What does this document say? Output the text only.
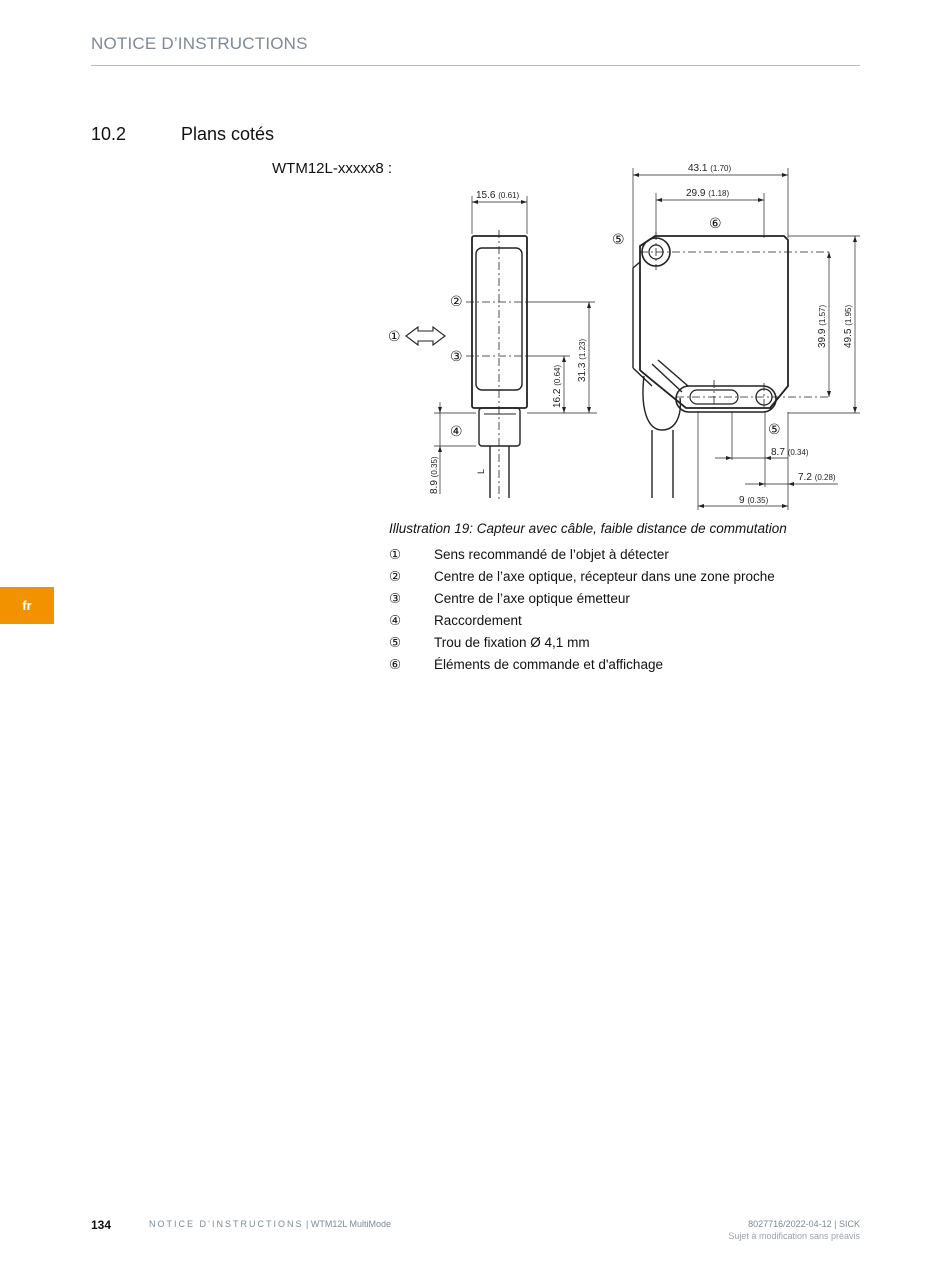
NOTICE D’INSTRUCTIONS
10.2	Plans cotés
WTM12L-xxxxx8 :
15.6 (0.61)
43.1 (1.70)
29.9 (1.18)
31.3 (1.23)
16.2 (0.64)
39.9 (1.57)
49.5 (1.95)
8.9 (0.35)
8.7 (0.34)
7.2 (0.28)
9 (0.35)
L
①
②
③
④
⑤
⑤
⑥
Illustration 19: Capteur avec câble, faible distance de commutation
①	Sens recommandé de l’objet à détecter
②	Centre de l’axe optique, récepteur dans une zone proche
③	Centre de l’axe optique émetteur
④	Raccordement
⑤	Trou de fixation Ø 4,1 mm
⑥	Éléments de commande et d'affichage
fr
134	NOTICE D’INSTRUCTIONS | WTM12L MultiMode	8027716/2022-04-12 | SICK
Sujet à modification sans préavis
